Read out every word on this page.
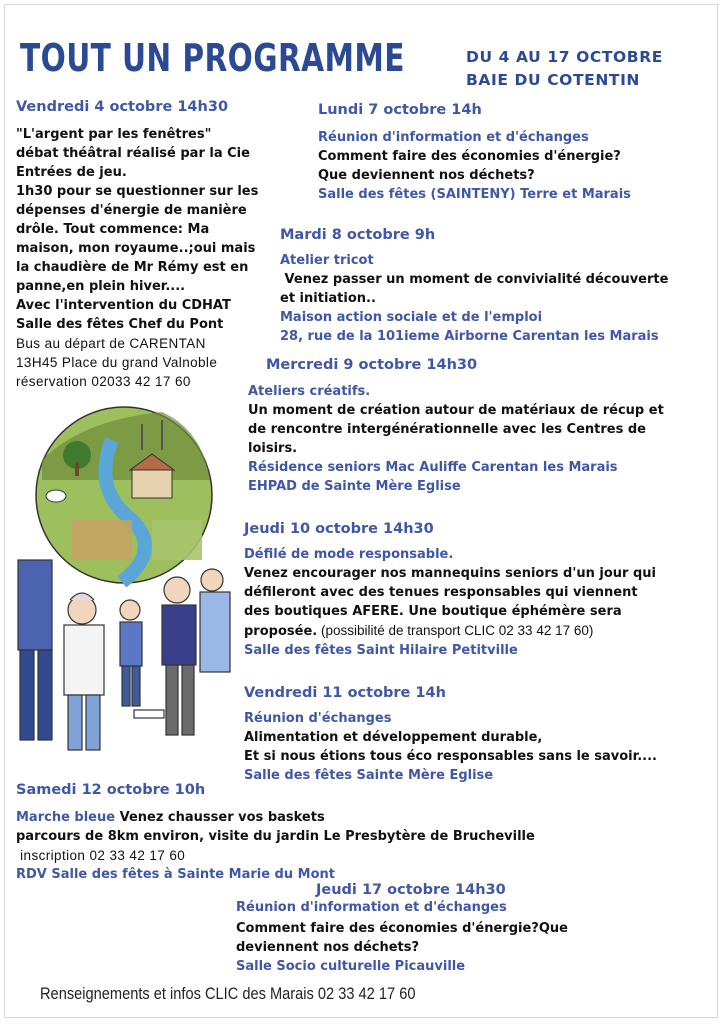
TOUT UN PROGRAMME	DU 4 AU 17 OCTOBRE
BAIE DU COTENTIN
Vendredi 4 octobre 14h30
"L'argent par les fenêtres"
débat théâtral réalisé par la Cie
Entrées de jeu.
1h30 pour se questionner sur les
dépenses d'énergie de manière
drôle. Tout commence: Ma
maison, mon royaume..;oui mais
la chaudière de Mr Rémy est en
panne,en plein hiver....
Avec l'intervention du CDHAT
Salle des fêtes Chef du Pont
Bus au départ de CARENTAN
13H45 Place du grand Valnoble
réservation 02033 42 17 60
Lundi 7 octobre 14h
Réunion d'information et d'échanges
Comment faire des économies d'énergie?
Que deviennent nos déchets?
Salle des fêtes (SAINTENY) Terre et Marais
Mardi 8 octobre 9h
Atelier tricot
Venez passer un moment de convivialité découverte
et initiation..
Maison action sociale et de l'emploi
28, rue de la 101ieme Airborne Carentan les Marais
Mercredi 9 octobre 14h30
Ateliers créatifs.
Un moment de création autour de matériaux de récup et
de rencontre intergénérationnelle avec les Centres de
loisirs.
Résidence seniors Mac Auliffe Carentan les Marais
EHPAD de Sainte Mère Eglise
Jeudi 10 octobre 14h30
Défilé de mode responsable.
Venez encourager nos mannequins seniors d'un jour qui
défileront avec des tenues responsables qui viennent
des boutiques AFERE. Une boutique éphémère sera
proposée. (possibilité de transport CLIC 02 33 42 17 60)
Salle des fêtes Saint Hilaire Petitville
Vendredi 11 octobre 14h
Réunion d'échanges
Alimentation et développement durable,
Et si nous étions tous éco responsables sans le savoir....
Salle des fêtes Sainte Mère Eglise
Samedi 12 octobre 10h
Marche bleue Venez chausser vos baskets
parcours de 8km environ, visite du jardin Le Presbytère de Brucheville
inscription 02 33 42 17 60
RDV Salle des fêtes à Sainte Marie du Mont
Jeudi 17 octobre 14h30
Réunion d'information et d'échanges
Comment faire des économies d'énergie?Que
deviennent nos déchets?
Salle Socio culturelle Picauville
Renseignements et infos CLIC des Marais 02 33 42 17 60
